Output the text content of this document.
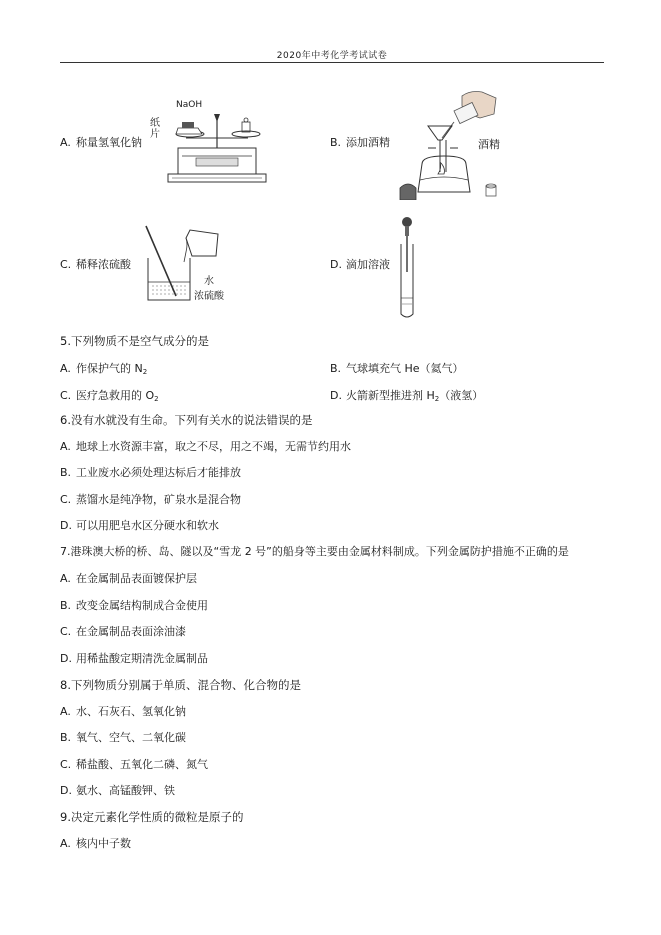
2020年中考化学考试试卷
A. 称量氢氧化钠
NaOH
纸片
B. 添加酒精	酒精
C. 稀释浓硫酸
水
浓硫酸
D. 滴加溶液
5.下列物质不是空气成分的是
A. 作保护气的 $N_2$	B. 气球填充气 He（氦气）
C. 医疗急救用的 $O_2$	D. 火箭新型推进剂 $H_2$（液氢）
6.没有水就没有生命。下列有关水的说法错误的是
A. 地球上水资源丰富，取之不尽，用之不竭，无需节约用水
B. 工业废水必须处理达标后才能排放
C. 蒸馏水是纯净物，矿泉水是混合物
D. 可以用肥皂水区分硬水和软水
7.港珠澳大桥的桥、岛、隧以及“雪龙 2 号”的船身等主要由金属材料制成。下列金属防护措施不正确的是
A. 在金属制品表面镀保护层
B. 改变金属结构制成合金使用
C. 在金属制品表面涂油漆
D. 用稀盐酸定期清洗金属制品
8.下列物质分别属于单质、混合物、化合物的是
A. 水、石灰石、氢氧化钠
B. 氧气、空气、二氧化碳
C. 稀盐酸、五氧化二磷、氮气
D. 氨水、高锰酸钾、铁
9.决定元素化学性质的微粒是原子的
A. 核内中子数
